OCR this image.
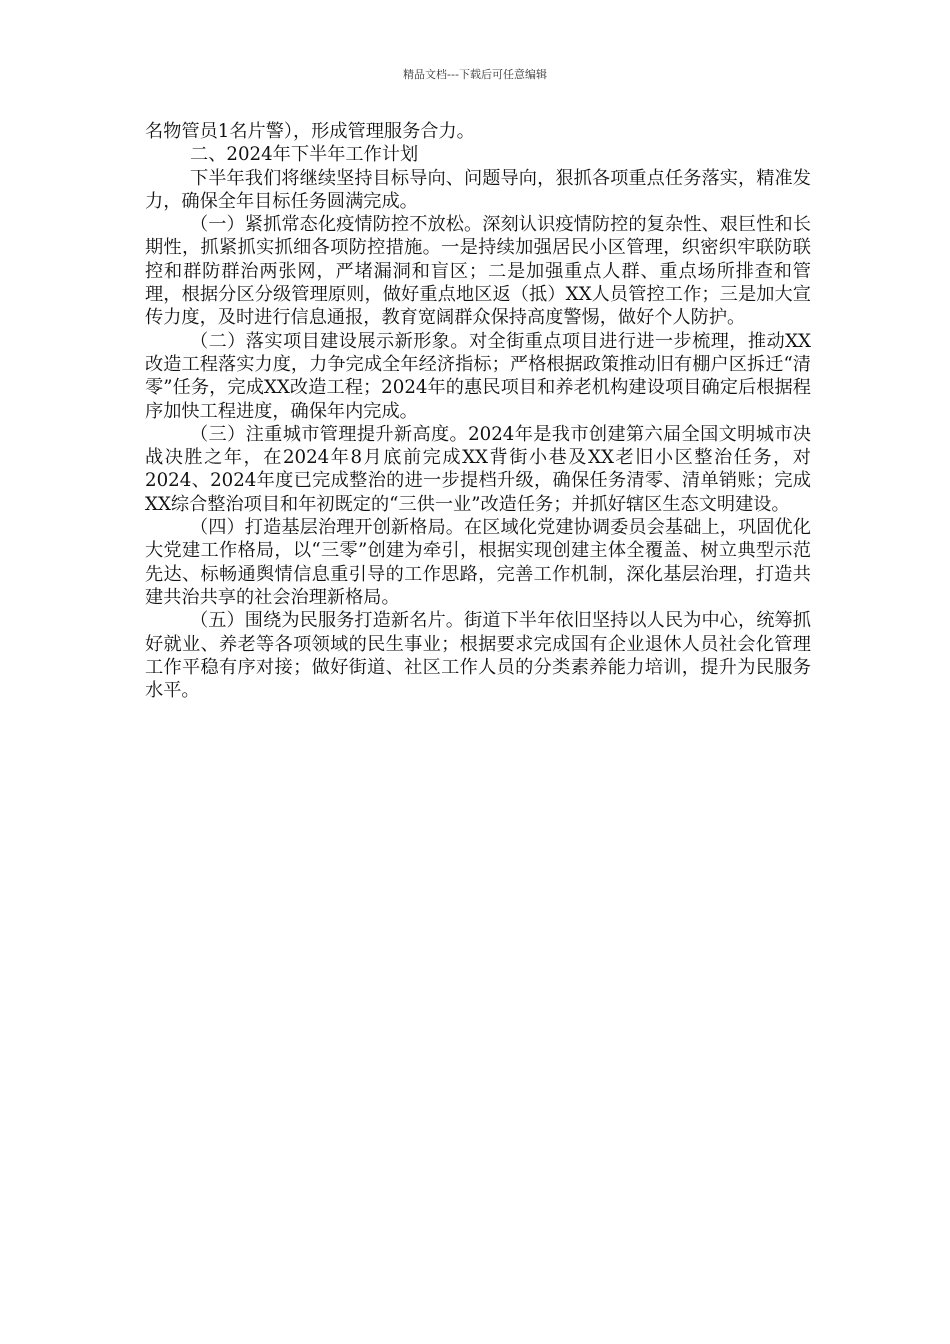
精品文档---下载后可任意编辑

名物管员1名片警），形成管理服务合力。

二、2024年下半年工作计划

下半年我们将继续坚持目标导向、问题导向，狠抓各项重点任务落实，精准发力，确保全年目标任务圆满完成。

（一）紧抓常态化疫情防控不放松。深刻认识疫情防控的复杂性、艰巨性和长期性，抓紧抓实抓细各项防控措施。一是持续加强居民小区管理，织密织牢联防联控和群防群治两张网，严堵漏洞和盲区；二是加强重点人群、重点场所排查和管理，根据分区分级管理原则，做好重点地区返（抵）XX人员管控工作；三是加大宣传力度，及时进行信息通报，教育宽阔群众保持高度警惕，做好个人防护。

（二）落实项目建设展示新形象。对全街重点项目进行进一步梳理，推动XX改造工程落实力度，力争完成全年经济指标；严格根据政策推动旧有棚户区拆迁“清零”任务，完成XX改造工程；2024年的惠民项目和养老机构建设项目确定后根据程序加快工程进度，确保年内完成。

（三）注重城市管理提升新高度。2024年是我市创建第六届全国文明城市决战决胜之年，在2024年8月底前完成XX背街小巷及XX老旧小区整治任务，对2024、2024年度已完成整治的进一步提档升级，确保任务清零、清单销账；完成XX综合整治项目和年初既定的“三供一业”改造任务；并抓好辖区生态文明建设。

（四）打造基层治理开创新格局。在区域化党建协调委员会基础上，巩固优化大党建工作格局，以“三零”创建为牵引，根据实现创建主体全覆盖、树立典型示范先达、标畅通舆情信息重引导的工作思路，完善工作机制，深化基层治理，打造共建共治共享的社会治理新格局。

（五）围绕为民服务打造新名片。街道下半年依旧坚持以人民为中心，统筹抓好就业、养老等各项领域的民生事业；根据要求完成国有企业退休人员社会化管理工作平稳有序对接；做好街道、社区工作人员的分类素养能力培训，提升为民服务水平。
